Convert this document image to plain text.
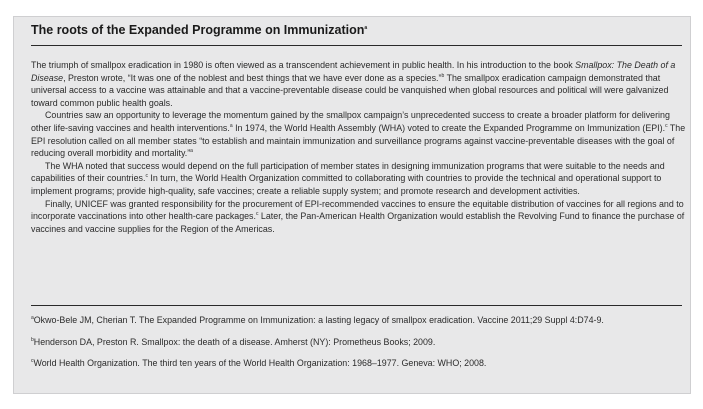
The roots of the Expanded Programme on Immunization$^a$

The triumph of smallpox eradication in 1980 is often viewed as a transcendent achievement in public health. In his introduction to the book Smallpox: The Death of a Disease, Preston wrote, “It was one of the noblest and best things that we have ever done as a species.”$^b$ The smallpox eradication campaign demonstrated that universal access to a vaccine was attainable and that a vaccine-preventable disease could be vanquished when global resources and political will were galvanized toward common public health goals.

Countries saw an opportunity to leverage the momentum gained by the smallpox campaign’s unprecedented success to create a broader platform for delivering other life-saving vaccines and health interventions.$^a$ In 1974, the World Health Assembly (WHA) voted to create the Expanded Programme on Immunization (EPI).$^c$ The EPI resolution called on all member states “to establish and maintain immunization and surveillance programs against vaccine-preventable diseases with the goal of reducing overall morbidity and mortality.”$^a$

The WHA noted that success would depend on the full participation of member states in designing immunization programs that were suitable to the needs and capabilities of their countries.$^c$ In turn, the World Health Organization committed to collaborating with countries to provide the technical and operational support to implement programs; provide high-quality, safe vaccines; create a reliable supply system; and promote research and development activities.

Finally, UNICEF was granted responsibility for the procurement of EPI-recommended vaccines to ensure the equitable distribution of vaccines for all regions and to incorporate vaccinations into other health-care packages.$^c$ Later, the Pan-American Health Organization would establish the Revolving Fund to finance the purchase of vaccines and vaccine supplies for the Region of the Americas.

$^a$Okwo-Bele JM, Cherian T. The Expanded Programme on Immunization: a lasting legacy of smallpox eradication. Vaccine 2011;29 Suppl 4:D74-9.

$^b$Henderson DA, Preston R. Smallpox: the death of a disease. Amherst (NY): Prometheus Books; 2009.

$^c$World Health Organization. The third ten years of the World Health Organization: 1968–1977. Geneva: WHO; 2008.
